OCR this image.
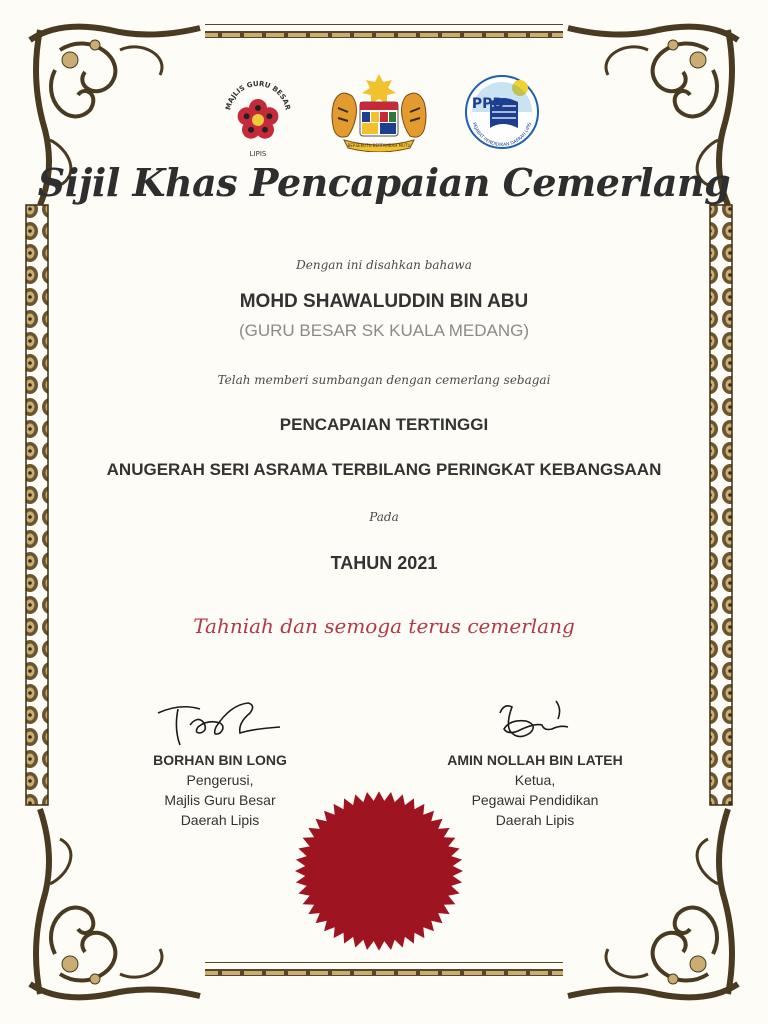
MAJLIS GURU BESAR
LIPIS
BERSEKUTU BERTAMBAH MUTU
PPD
PEJABAT PENDIDIKAN DAERAH LIPIS
Sijil Khas Pencapaian Cemerlang
Dengan ini disahkan bahawa
MOHD SHAWALUDDIN BIN ABU
(GURU BESAR SK KUALA MEDANG)
Telah memberi sumbangan dengan cemerlang sebagai
PENCAPAIAN TERTINGGI
ANUGERAH SERI ASRAMA TERBILANG PERINGKAT KEBANGSAAN
Pada
TAHUN 2021
Tahniah dan semoga terus cemerlang
BORHAN BIN LONG
Pengerusi,
Majlis Guru Besar
Daerah Lipis
AMIN NOLLAH BIN LATEH
Ketua,
Pegawai Pendidikan
Daerah Lipis
